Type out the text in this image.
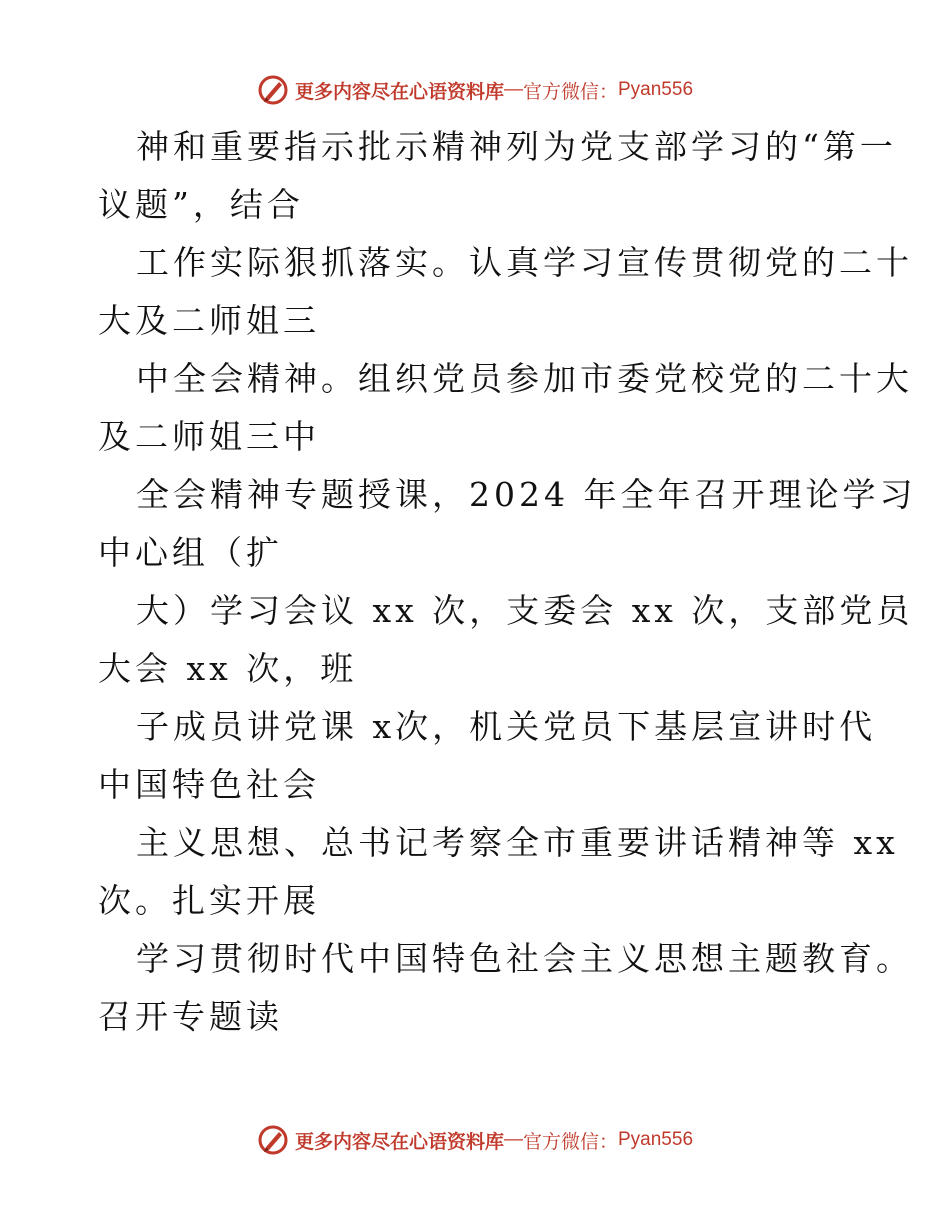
更多内容尽在心语资料库 — 官方微信： Pyan556

神和重要指示批示精神列为党支部学习的“第一
议题”，结合

工作实际狠抓落实。认真学习宣传贯彻党的二十
大及二师姐三

中全会精神。组织党员参加市委党校党的二十大
及二师姐三中

全会精神专题授课，2024 年全年召开理论学习
中心组（扩

大）学习会议 xx 次，支委会 xx 次，支部党员
大会 xx 次，班

子成员讲党课 x次，机关党员下基层宣讲时代
中国特色社会

主义思想、总书记考察全市重要讲话精神等 xx
次。扎实开展

学习贯彻时代中国特色社会主义思想主题教育。
召开专题读

更多内容尽在心语资料库 — 官方微信： Pyan556
